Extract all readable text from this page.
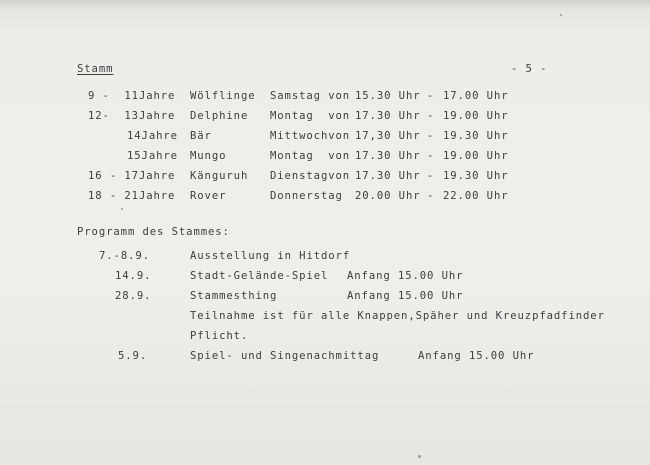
Stamm	- 5 -
9 -  11Jahre Wölflinge Samstag von 15.30 Uhr - 17.00 Uhr
12-  13Jahre Delphine Montag  von 17.30 Uhr - 19.00 Uhr
14Jahre Bär	Mittwochvon 17,30 Uhr - 19.30 Uhr
15Jahre Mungo	Montag  von 17.30 Uhr - 19.00 Uhr
16 - 17Jahre Känguruh Dienstagvon 17.30 Uhr - 19.30 Uhr
18 - 21Jahre Rover	Donnerstag 20.00 Uhr - 22.00 Uhr
Programm des Stammes:
7.-8.9.	Ausstellung in Hitdorf
14.9.	Stadt-Gelände-Spiel Anfang 15.00 Uhr
28.9.	Stammesthing	Anfang 15.00 Uhr
Teilnahme ist für alle Knappen,Späher und Kreuzpfadfinder
Pflicht.
5.9.	Spiel- und Singenachmittag	Anfang 15.00 Uhr
